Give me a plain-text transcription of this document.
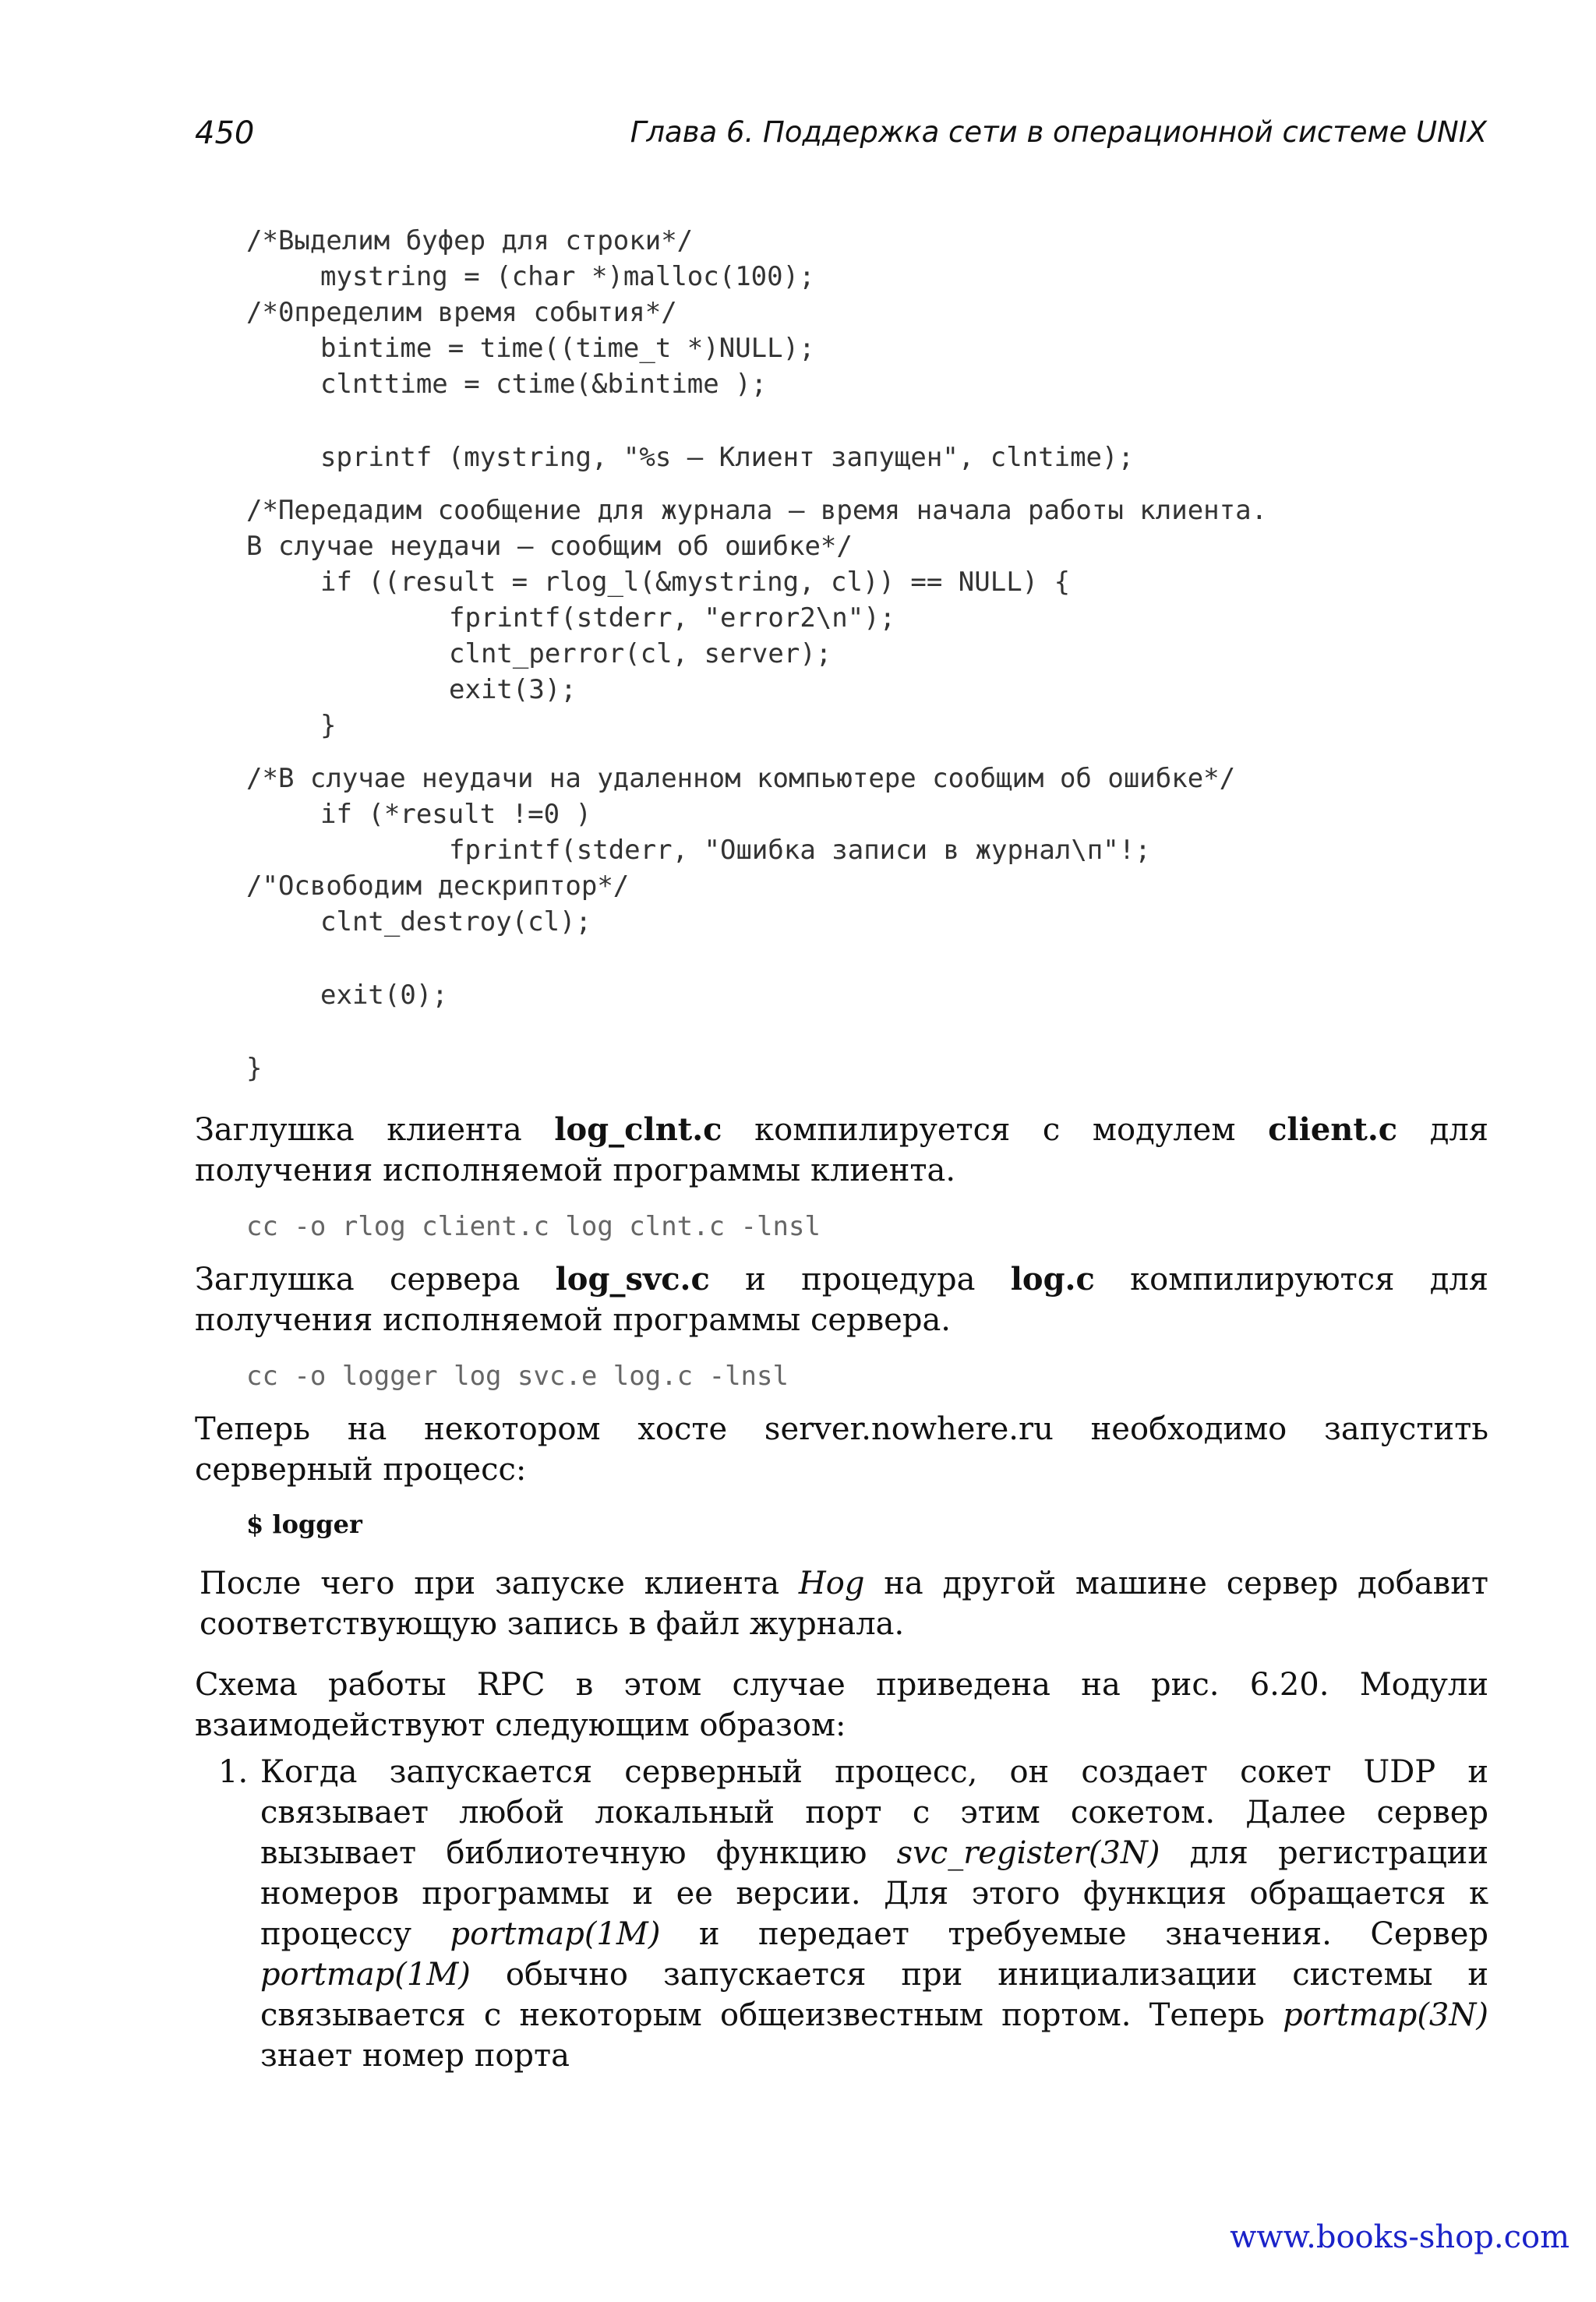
450	Глава 6. Поддержка сети в операционной системе UNIX
/*Выделим буфер для строки*/
mystring = (char *)malloc(100);
/*0пределим время события*/
bintime = time((time_t *)NULL);
clnttime = ctime(&bintime );
sprintf (mystring, "%s — Клиент запущен", clntime);
/*Передадим сообщение для журнала — время начала работы клиента.
В случае неудачи — сообщим об ошибке*/
if ((result = rlog_l(&mystring, cl)) == NULL) {
fprintf(stderr, "error2\n");
clnt_perror(cl, server);
exit(3);
}
/*В случае неудачи на удаленном компьютере сообщим об ошибке*/
if (*result !=0 )
fprintf(stderr, "Ошибка записи в журнал\п"!;
/"Освободим дескриптор*/
clnt_destroy(cl);
exit(0);
}

Заглушка клиента log_clnt.c компилируется с модулем client.c для получения исполняемой программы клиента.

cc -o rlog client.c log clnt.c -lnsl

Заглушка сервера log_svc.c и процедура log.c компилируются для получения исполняемой программы сервера.

cc -o logger log svc.e log.c -lnsl

Теперь на некотором хосте server.nowhere.ru необходимо запустить серверный процесс:

$ logger

После чего при запуске клиента Hog на другой машине сервер добавит соответствующую запись в файл журнала.

Схема работы RPC в этом случае приведена на рис. 6.20. Модули взаимодействуют следующим образом:

1. Когда запускается серверный процесс, он создает сокет UDP и связывает любой локальный порт с этим сокетом. Далее сервер вызывает библиотечную функцию svc_register(3N) для регистрации номеров программы и ее версии. Для этого функция обращается к процессу portmap(1M) и передает требуемые значения. Сервер portmap(1M) обычно запускается при инициализации системы и связывается с некоторым общеизвестным портом. Теперь portmap(3N) знает номер порта
www.books-shop.com
